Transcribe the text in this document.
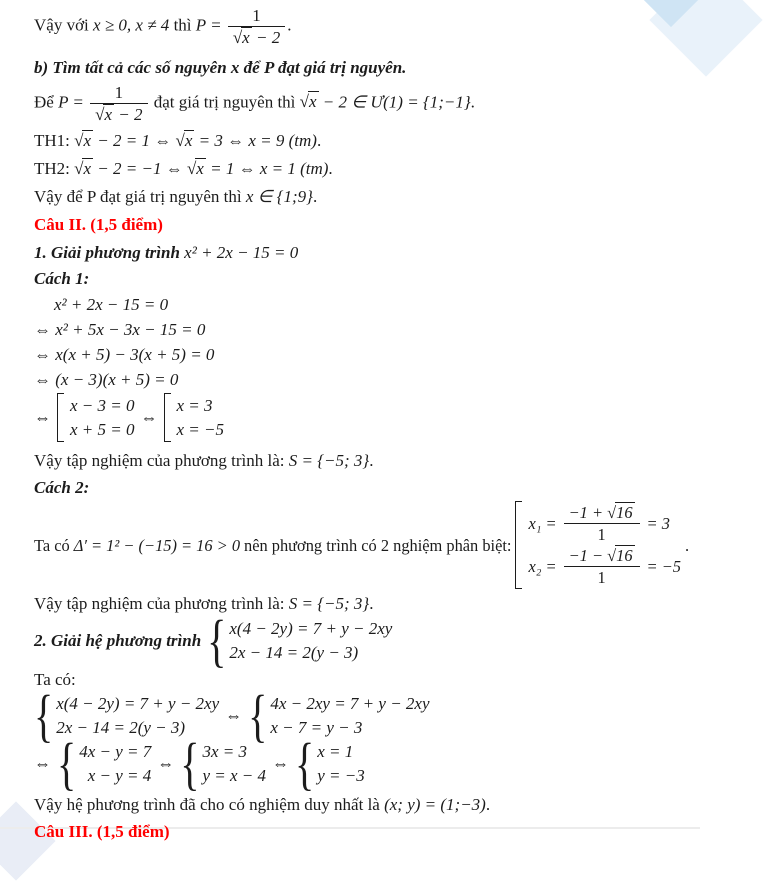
Vậy với x ≥ 0, x ≠ 4 thì $P = \frac{1}{√x - 2}$ .

b) Tìm tất cả các số nguyên x để P đạt giá trị nguyên.

Để $P = \frac{1}{√x - 2}$ đạt giá trị nguyên thì √x − 2 ∈ Ư(1) = {1;−1}.

TH1: √x − 2 = 1 ⇔ √x = 3 ⇔ x = 9 (tm).

TH2: √x − 2 = −1 ⇔ √x = 1 ⇔ x = 1 (tm).

Vậy để P đạt giá trị nguyên thì x ∈ {1;9}.

Câu II. (1,5 điểm)

1. Giải phương trình x² + 2x − 15 = 0

Cách 1:

x² + 2x − 15 = 0

⇔ x² + 5x − 3x − 15 = 0

⇔ x(x + 5) − 3(x + 5) = 0

⇔ (x − 3)(x + 5) = 0

⇔
x − 3 = 0
x + 5 = 0
⇔
x = 3
x = −5

Vậy tập nghiệm của phương trình là: S = {−5; 3}.

Cách 2:

Ta có Δ′ = 1² − (−15) = 16 > 0 nên phương trình có 2 nghiệm phân biệt:
$x_1 = \frac{-1 + √16}{1} = 3$
$x_2 = \frac{-1 - √16}{1} = -5$
.

Vậy tập nghiệm của phương trình là: S = {−5; 3}.

2. Giải hệ phương trình { x(4 − 2y) = 7 + y − 2xy
2x − 14 = 2(y − 3)

Ta có:

{ x(4 − 2y) = 7 + y − 2xy
2x − 14 = 2(y − 3)
⇔ { 4x − 2xy = 7 + y − 2xy
x − 7 = y − 3
⇔ { 4x − y = 7
x − y = 4
⇔ { 3x = 3
y = x − 4
⇔ { x = 1
y = −3

Vậy hệ phương trình đã cho có nghiệm duy nhất là (x; y) = (1;−3).

Câu III. (1,5 điểm)
